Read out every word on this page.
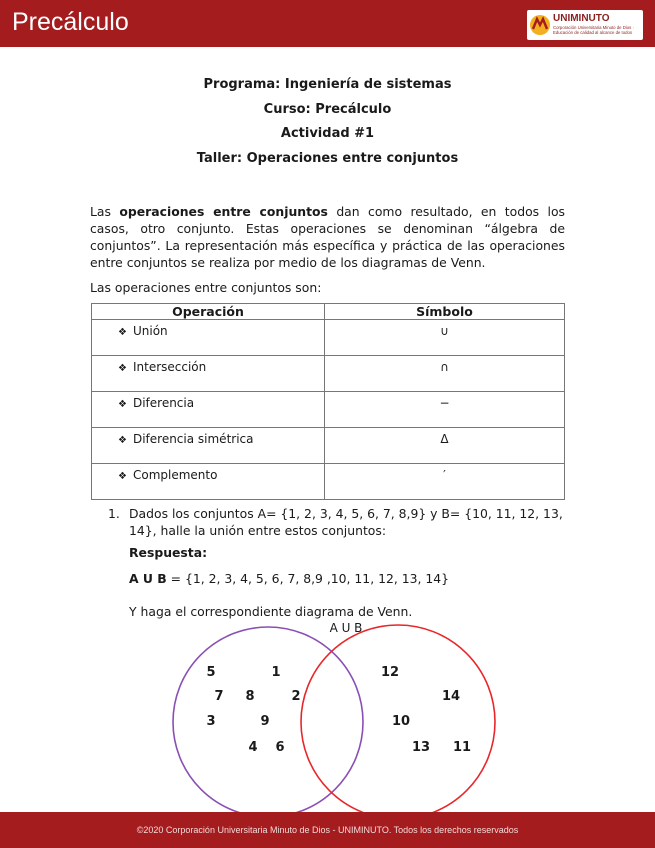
Precálculo	UNIMINUTO
Corporación Universitaria Minuto de Dios · Educación de calidad al alcance de todos
Programa: Ingeniería de sistemas
Curso: Precálculo
Actividad #1
Taller: Operaciones entre conjuntos
Las operaciones entre conjuntos dan como resultado, en todos los casos, otro conjunto. Estas operaciones se denominan “álgebra de conjuntos”. La representación más específica y práctica de las operaciones entre conjuntos se realiza por medio de los diagramas de Venn.
Las operaciones entre conjuntos son:
Operación	Símbolo
❖ Unión	∪
❖ Intersección	∩
❖ Diferencia	−
❖ Diferencia simétrica	Δ
❖ Complemento	′
1. Dados los conjuntos A= {1, 2, 3, 4, 5, 6, 7, 8,9} y B= {10, 11, 12, 13, 14}, halle la unión entre estos conjuntos:
Respuesta:
A U B = {1, 2, 3, 4, 5, 6, 7, 8,9 ,10, 11, 12, 13, 14}
Y haga el correspondiente diagrama de Venn.
A U B
5	1
7 8	2
3	9
4 6
12
14
10
13 11
©2020 Corporación Universitaria Minuto de Dios - UNIMINUTO. Todos los derechos reservados
